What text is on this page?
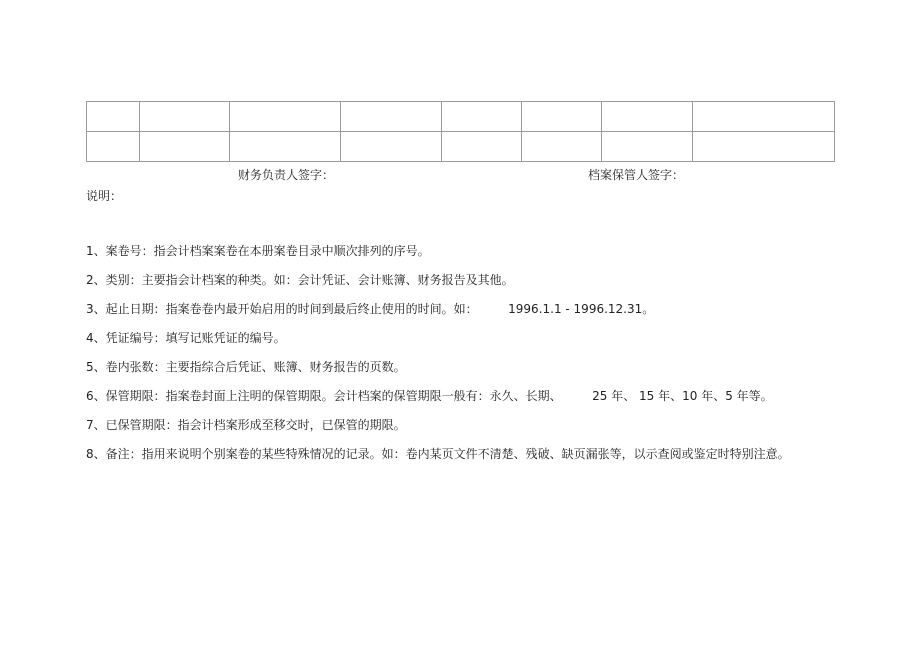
财务负责人签字：	档案保管人签字：
说明：
1、案卷号：指会计档案案卷在本册案卷目录中顺次排列的序号。
2、类别：主要指会计档案的种类。如：会计凭证、会计账簿、财务报告及其他。
3、起止日期：指案卷卷内最开始启用的时间到最后终止使用的时间。如：        1996.1.1 - 1996.12.31。
4、凭证编号：填写记账凭证的编号。
5、卷内张数：主要指综合后凭证、账簿、财务报告的页数。
6、保管期限：指案卷封面上注明的保管期限。会计档案的保管期限一般有：永久、长期、        25 年、 15 年、10 年、5 年等。
7、已保管期限：指会计档案形成至移交时，已保管的期限。
8、备注：指用来说明个别案卷的某些特殊情况的记录。如：卷内某页文件不清楚、残破、缺页漏张等，以示查阅或鉴定时特别注意。
